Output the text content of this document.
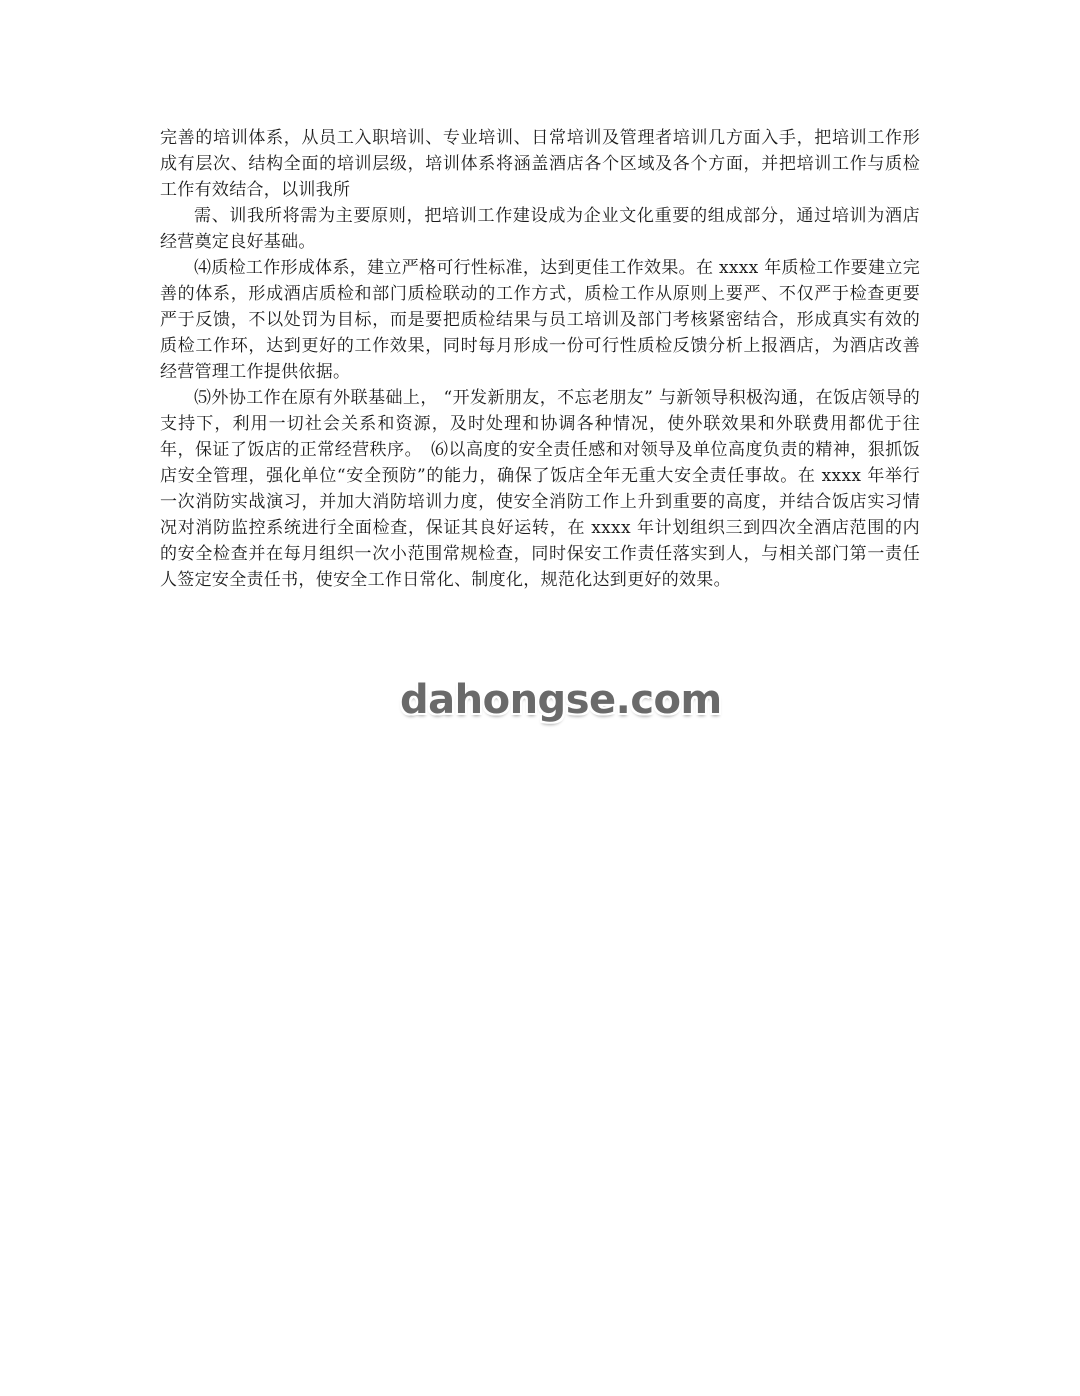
完善的培训体系，从员工入职培训、专业培训、日常培训及管理者培训几方面入手，把培训工作形成有层次、结构全面的培训层级，培训体系将涵盖酒店各个区域及各个方面，并把培训工作与质检工作有效结合，以训我所

需、训我所将需为主要原则，把培训工作建设成为企业文化重要的组成部分，通过培训为酒店经营奠定良好基础。

⑷质检工作形成体系，建立严格可行性标准，达到更佳工作效果。在 xxxx 年质检工作要建立完善的体系，形成酒店质检和部门质检联动的工作方式，质检工作从原则上要严、不仅严于检查更要严于反馈，不以处罚为目标，而是要把质检结果与员工培训及部门考核紧密结合，形成真实有效的质检工作环，达到更好的工作效果，同时每月形成一份可行性质检反馈分析上报酒店，为酒店改善经营管理工作提供依据。

⑸外协工作在原有外联基础上， “开发新朋友，不忘老朋友” 与新领导积极沟通，在饭店领导的支持下，利用一切社会关系和资源，及时处理和协调各种情况，使外联效果和外联费用都优于往年，保证了饭店的正常经营秩序。　⑹以高度的安全责任感和对领导及单位高度负责的精神，狠抓饭店安全管理，强化单位“安全预防”的能力，确保了饭店全年无重大安全责任事故。在 xxxx 年举行一次消防实战演习，并加大消防培训力度，使安全消防工作上升到重要的高度，并结合饭店实习情况对消防监控系统进行全面检查，保证其良好运转，在 xxxx 年计划组织三到四次全酒店范围的内的安全检查并在每月组织一次小范围常规检查，同时保安工作责任落实到人，与相关部门第一责任人签定安全责任书，使安全工作日常化、制度化，规范化达到更好的效果。

dahongse.com
